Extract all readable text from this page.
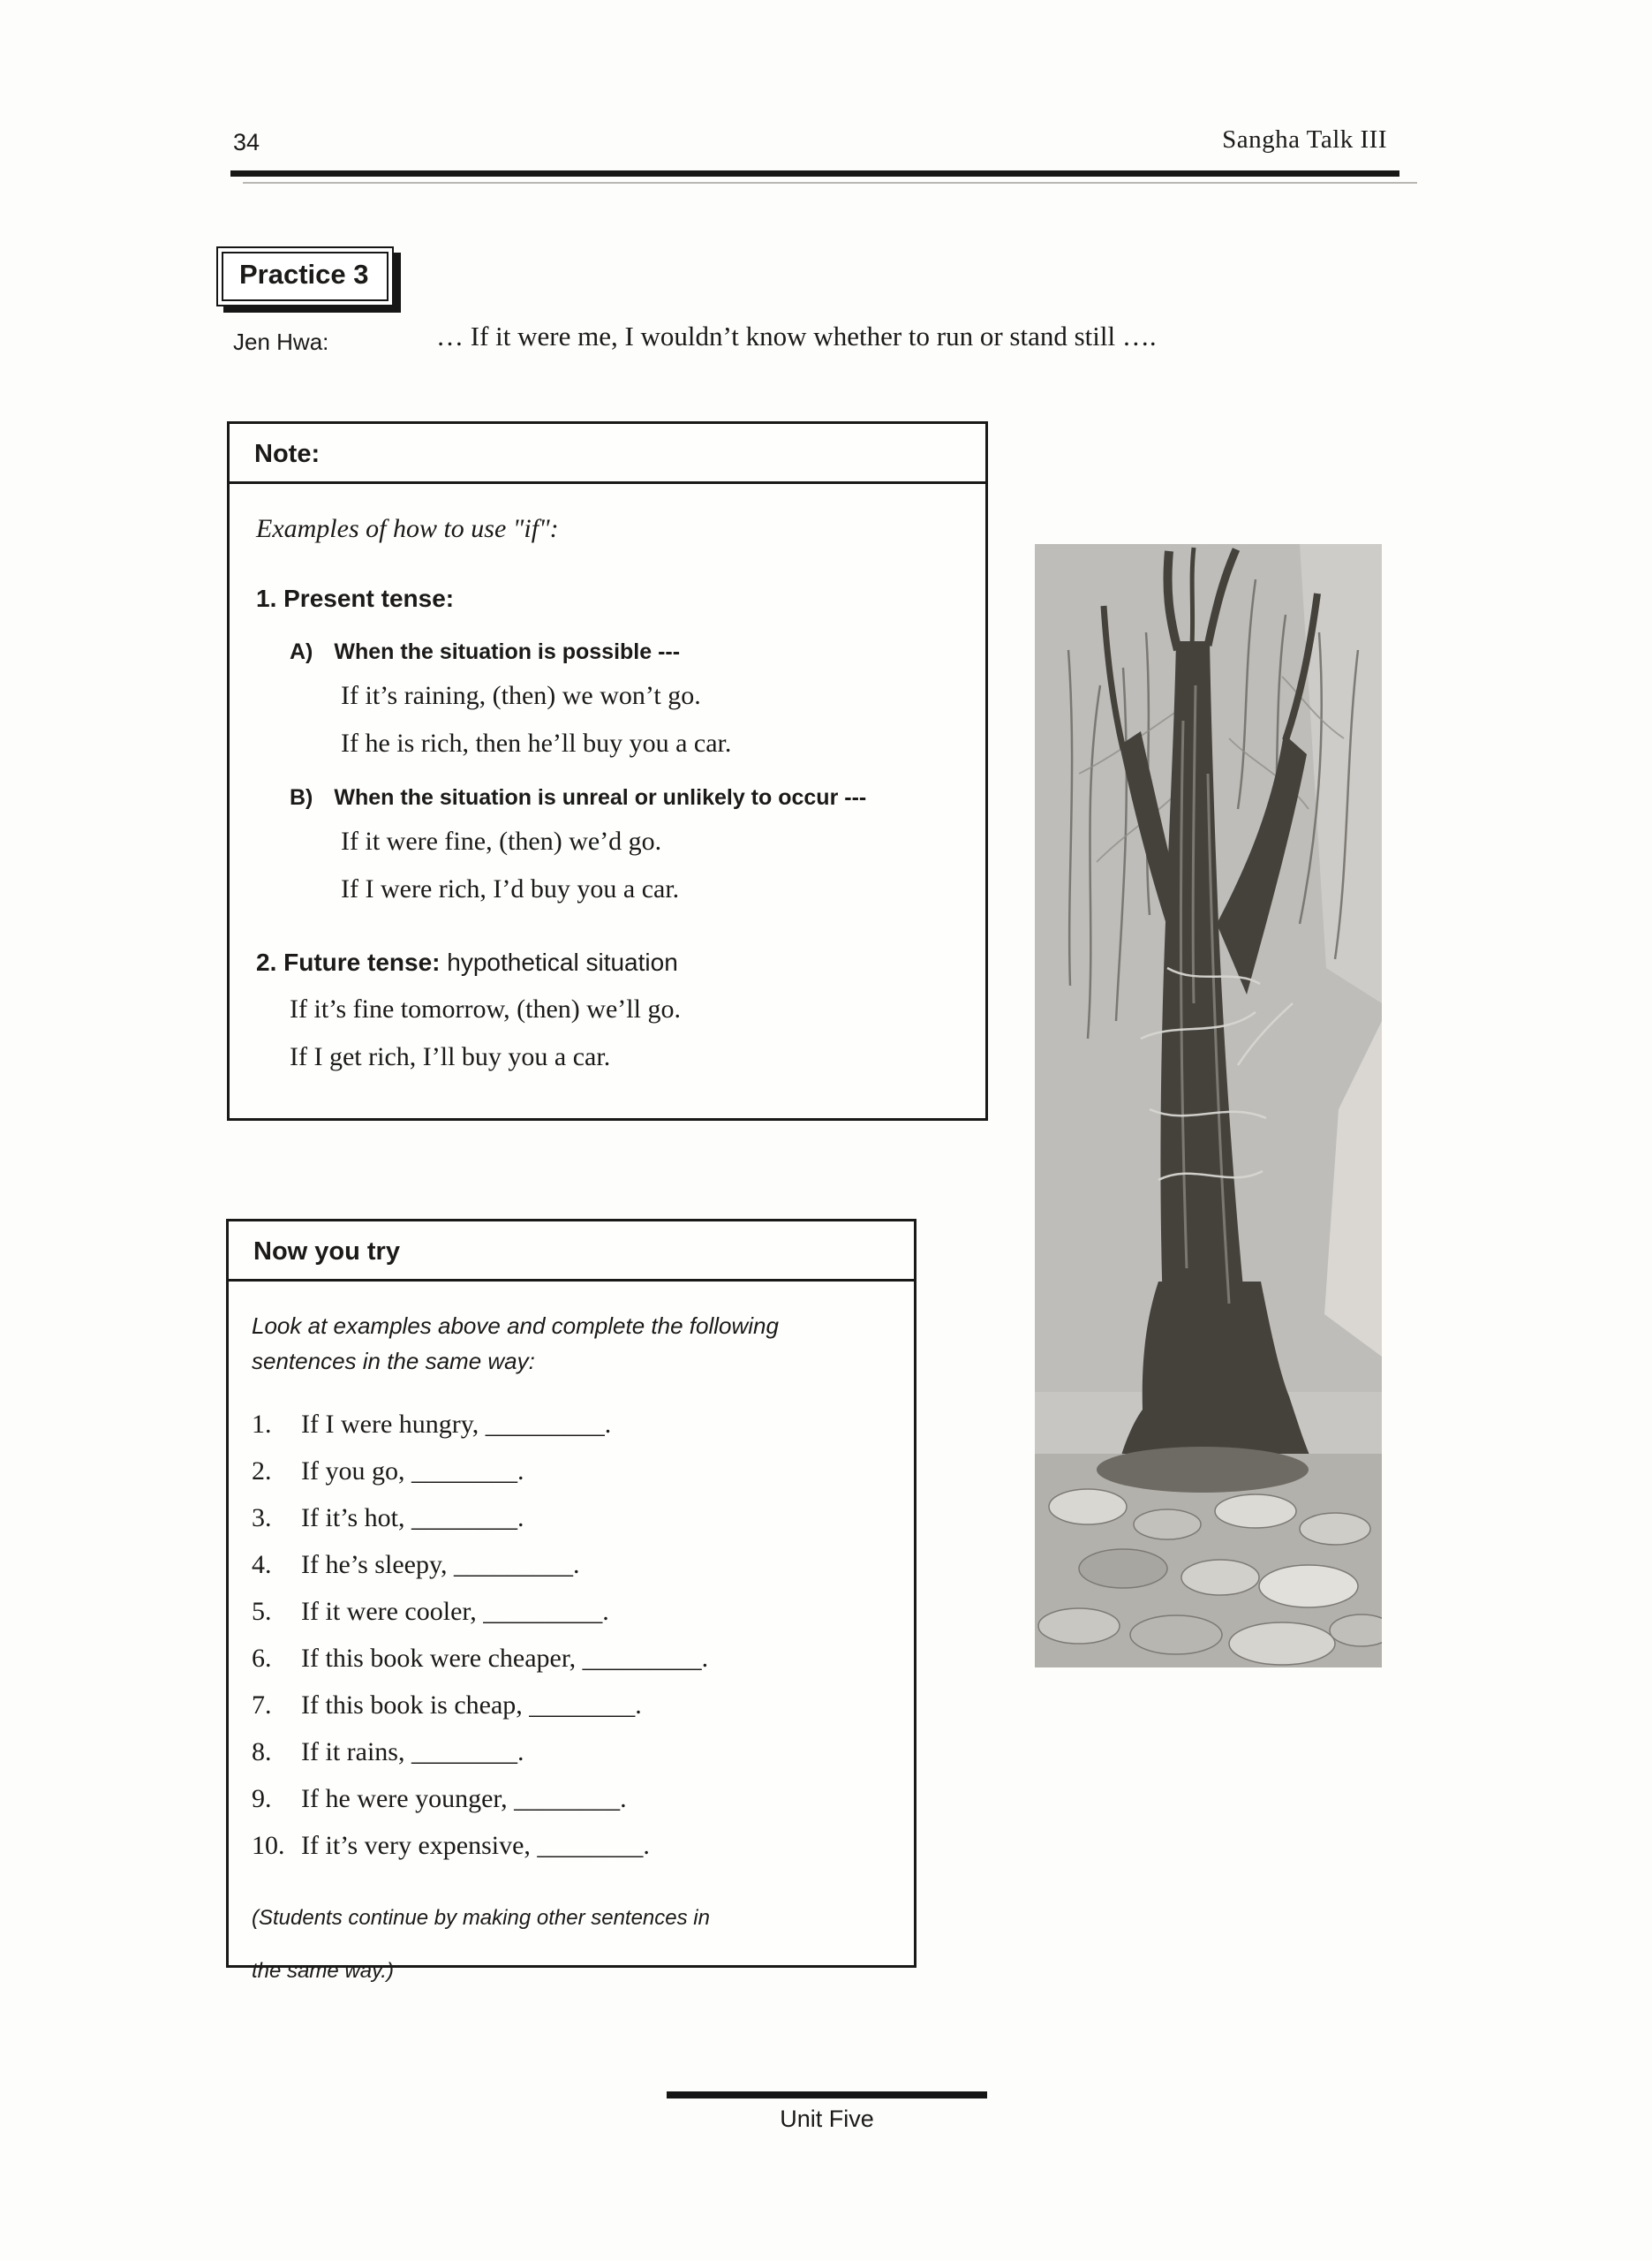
34	Sangha Talk III
Practice 3
Jen Hwa:	… If it were me, I wouldn’t know whether to run or stand still ….
Note:
Examples of how to use "if":
1. Present tense:
A) When the situation is possible ---
If it’s raining, (then) we won’t go.
If he is rich, then he’ll buy you a car.
B) When the situation is unreal or unlikely to occur ---
If it were fine, (then) we’d go.
If I were rich, I’d buy you a car.
2. Future tense: hypothetical situation
If it’s fine tomorrow, (then) we’ll go.
If I get rich, I’ll buy you a car.
Now you try
Look at examples above and complete the following sentences in the same way:
1.	If I were hungry, _________.
2.	If you go, ________.
3.	If it’s hot, ________.
4.	If he’s sleepy, _________.
5.	If it were cooler, _________.
6.	If this book were cheaper, _________.
7.	If this book is cheap, ________.
8.	If it rains, ________.
9.	If he were younger, ________.
10. If it’s very expensive, ________.
(Students continue by making other sentences in
the same way.)
Unit Five
